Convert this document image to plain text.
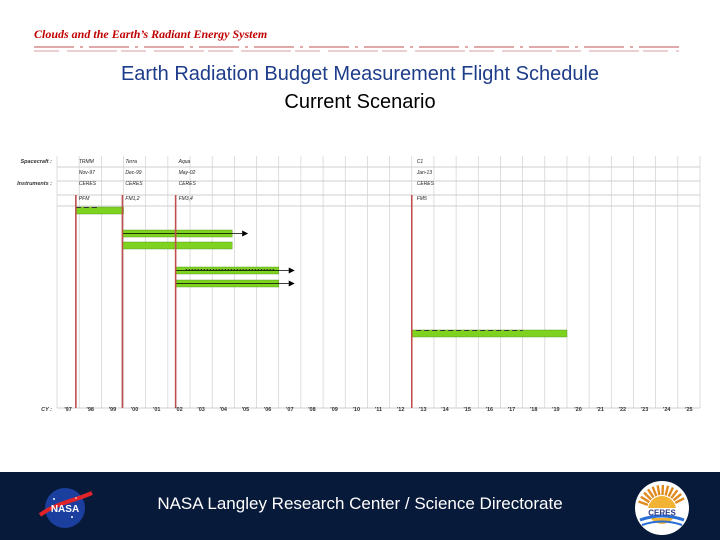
Clouds and the Earth’s Radiant Energy System
Earth Radiation Budget Measurement Flight Schedule
Current Scenario
Spacecraft :
Instruments :
CY :
TRMM
Nov-97
CERES
PFM
Terra
Dec-99
CERES
FM1,2
Aqua
May-02
CERES
FM3,4
C1
Jan-13
CERES
FM5
'97	'98	'99	'00	'01	'02	'03	'04	'05	'06	'07	'08	'09	'10	'11	'12	'13	'14	'15	'16	'17	'18	'19	'20	'21	'22	'23	'24	'25
NASA	CERES
NASA Langley Research Center / Science Directorate
